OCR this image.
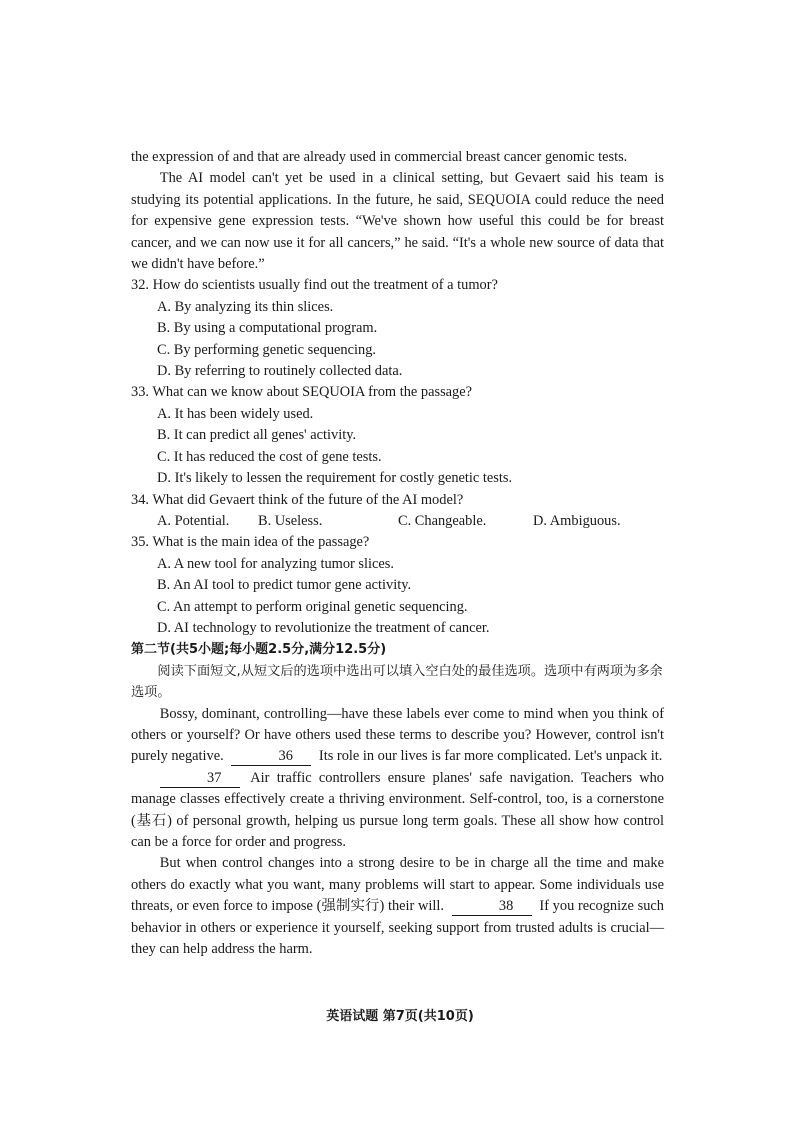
the expression of and that are already used in commercial breast cancer genomic tests.

The AI model can't yet be used in a clinical setting, but Gevaert said his team is studying its potential applications. In the future, he said, SEQUOIA could reduce the need for expensive gene expression tests. “We've shown how useful this could be for breast cancer, and we can now use it for all cancers,” he said. “It's a whole new source of data that we didn't have before.”

32. How do scientists usually find out the treatment of a tumor?

A. By analyzing its thin slices.

B. By using a computational program.

C. By performing genetic sequencing.

D. By referring to routinely collected data.

33. What can we know about SEQUOIA from the passage?

A. It has been widely used.

B. It can predict all genes' activity.

C. It has reduced the cost of gene tests.

D. It's likely to lessen the requirement for costly genetic tests.

34. What did Gevaert think of the future of the AI model?

A. Potential.	B. Useless.	C. Changeable.	D. Ambiguous.

35. What is the main idea of the passage?

A. A new tool for analyzing tumor slices.

B. An AI tool to predict tumor gene activity.

C. An attempt to perform original genetic sequencing.

D. AI technology to revolutionize the treatment of cancer.

第二节(共5小题;每小题2.5分,满分12.5分)

阅读下面短文,从短文后的选项中选出可以填入空白处的最佳选项。选项中有两项为多余选项。

Bossy, dominant, controlling—have these labels ever come to mind when you think of others or yourself? Or have others used these terms to describe you? However, control isn't purely negative.	36 Its role in our lives is far more complicated. Let's unpack it.

37 Air traffic controllers ensure planes' safe navigation. Teachers who manage classes effectively create a thriving environment. Self-control, too, is a cornerstone (基石) of personal growth, helping us pursue long term goals. These all show how control can be a force for order and progress.

But when control changes into a strong desire to be in charge all the time and make others do exactly what you want, many problems will start to appear. Some individuals use threats, or even force to impose (强制实行) their will.	38 If you recognize such behavior in others or experience it yourself, seeking support from trusted adults is crucial—they can help address the harm.

英语试题 第7页(共10页)
